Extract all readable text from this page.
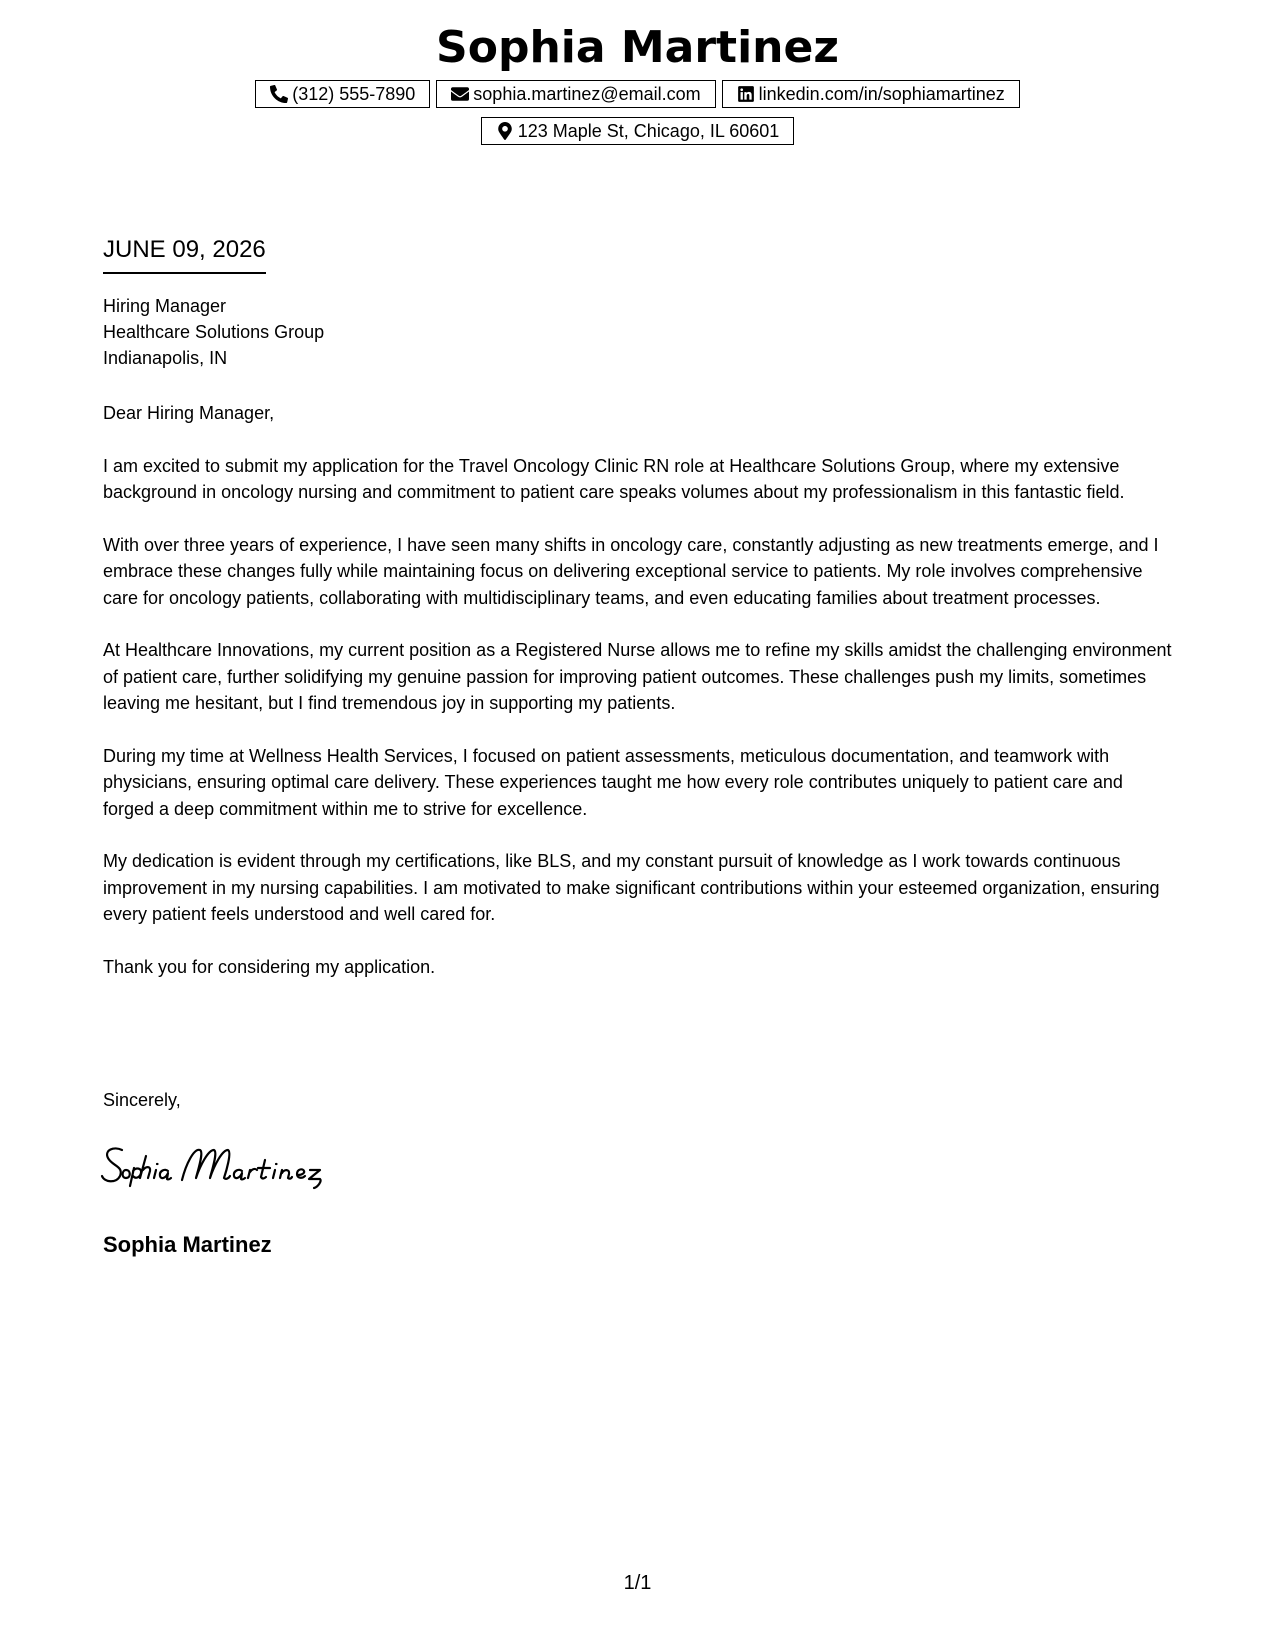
Sophia Martinez
(312) 555-7890	sophia.martinez@email.com	linkedin.com/in/sophiamartinez
123 Maple St, Chicago, IL 60601
JUNE 09, 2026
Hiring Manager
Healthcare Solutions Group
Indianapolis, IN

Dear Hiring Manager,

I am excited to submit my application for the Travel Oncology Clinic RN role at Healthcare Solutions Group, where my extensive background in oncology nursing and commitment to patient care speaks volumes about my professionalism in this fantastic field.

With over three years of experience, I have seen many shifts in oncology care, constantly adjusting as new treatments emerge, and I embrace these changes fully while maintaining focus on delivering exceptional service to patients. My role involves comprehensive care for oncology patients, collaborating with multidisciplinary teams, and even educating families about treatment processes.

At Healthcare Innovations, my current position as a Registered Nurse allows me to refine my skills amidst the challenging environment of patient care, further solidifying my genuine passion for improving patient outcomes. These challenges push my limits, sometimes leaving me hesitant, but I find tremendous joy in supporting my patients.

During my time at Wellness Health Services, I focused on patient assessments, meticulous documentation, and teamwork with physicians, ensuring optimal care delivery. These experiences taught me how every role contributes uniquely to patient care and forged a deep commitment within me to strive for excellence.

My dedication is evident through my certifications, like BLS, and my constant pursuit of knowledge as I work towards continuous improvement in my nursing capabilities. I am motivated to make significant contributions within your esteemed organization, ensuring every patient feels understood and well cared for.

Thank you for considering my application.

Sincerely,
Sophia Martinez
1/1
